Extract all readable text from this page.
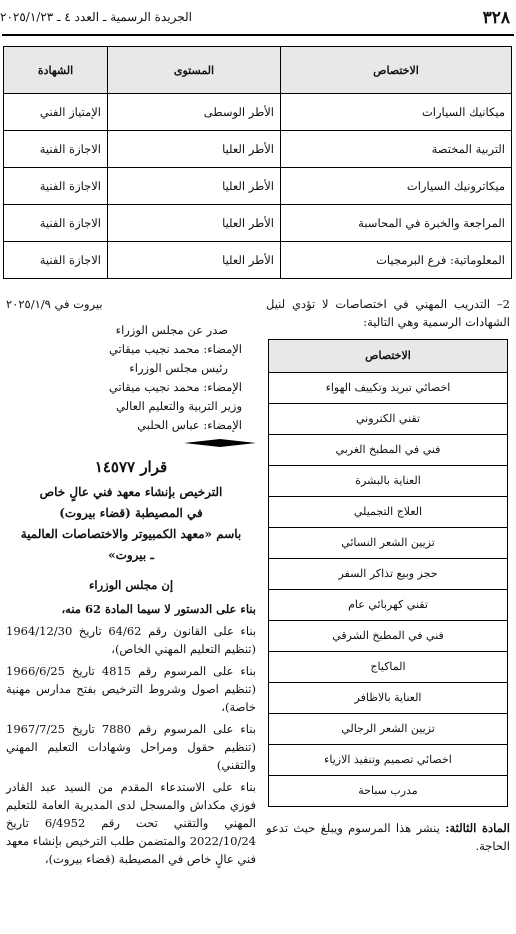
٣٢٨
الجريدة الرسمية ـ العدد ٤ ـ ٢٠٢٥/١/٢٣
الاختصاص	المستوى	الشهادة
ميكانيك السيارات	الأطر الوسطى	الإمتياز الفني
التربية المختصة	الأطر العليا	الاجازة الفنية
ميكاترونيك السيارات	الأطر العليا	الاجازة الفنية
المراجعة والخبرة في المحاسبة	الأطر العليا	الاجازة الفنية
المعلوماتية: فرع البرمجيات	الأطر العليا	الاجازة الفنية

2– التدريب المهني في اختصاصات لا تؤدي لنيل الشهادات الرسمية وهي التالية:

الاختصاص
اخصائي تبريد وتكييف الهواء
تقني الكتروني
فني في المطبخ الغربي
العناية بالبشرة
العلاج التجميلي
تزيين الشعر النسائي
حجز وبيع تذاكر السفر
تقني كهربائي عام
فني في المطبخ الشرقي
الماكياج
العناية بالاظافر
تزيين الشعر الرجالي
اخصائي تصميم وتنفيذ الازياء
مدرب سباحة

المادة الثالثة: ينشر هذا المرسوم ويبلغ حيث تدعو الحاجة.

بيروت في ٢٠٢٥/١/٩

صدر عن مجلس الوزراء

الإمضاء: محمد نجيب ميقاتي

رئيس مجلس الوزراء

الإمضاء: محمد نجيب ميقاتي

وزير التربية والتعليم العالي

الإمضاء: عباس الحلبي

قرار ١٤٥٧٧

الترخيص بإنشاء معهد فني عالٍ خاص

في المصيطبة (قضاء بيروت)

باسم «معهد الكمبيوتر والاختصاصات العالمية

ـ بيروت»

إن مجلس الوزراء

بناء على الدستور لا سيما المادة 62 منه،

بناء على القانون رقم 64/62 تاريخ 1964/12/30 (تنظيم التعليم المهني الخاص)،

بناء على المرسوم رقم 4815 تاريخ 1966/6/25 (تنظيم اصول وشروط الترخيص بفتح مدارس مهنية خاصة)،

بناء على المرسوم رقم 7880 تاريخ 1967/7/25 (تنظيم حقول ومراحل وشهادات التعليم المهني والتقني)

بناء على الاستدعاء المقدم من السيد عبد القادر فوزي مكداش والمسجل لدى المديرية العامة للتعليم المهني والتقني تحت رقم 6/4952 تاريخ 2022/10/24 والمتضمن طلب الترخيص بإنشاء معهد فني عالٍ خاص في المصيطبة (قضاء بيروت)،
